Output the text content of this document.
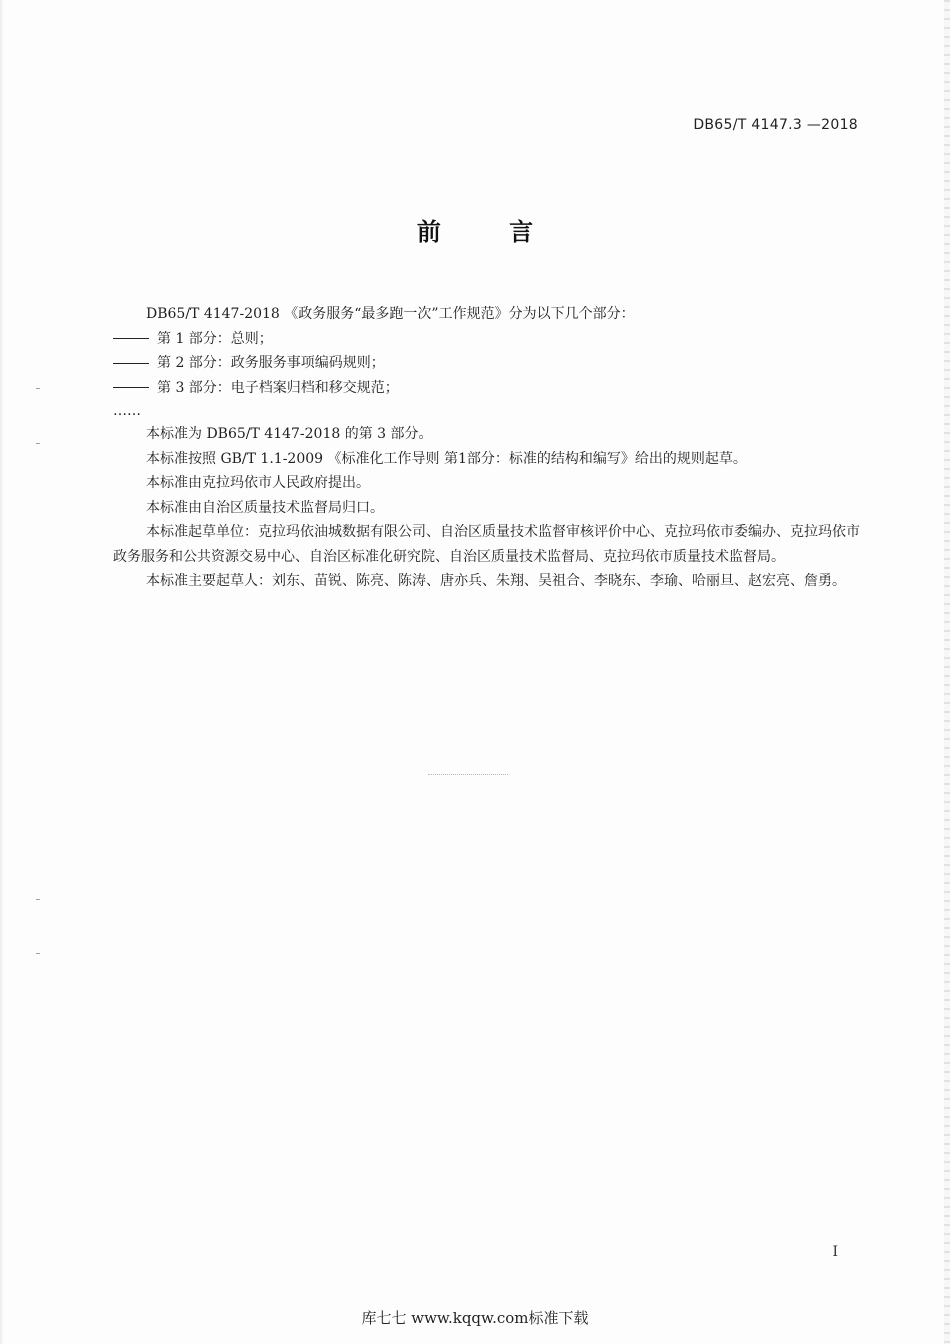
DB65/T 4147.3 —2018
前 言

DB65/T 4147-2018 《政务服务“最多跑一次”工作规范》分为以下几个部分：

第 1 部分：总则；

第 2 部分：政务服务事项编码规则；

第 3 部分：电子档案归档和移交规范；

……

本标准为 DB65/T 4147-2018 的第 3 部分。

本标准按照 GB/T 1.1-2009 《标准化工作导则 第1部分：标准的结构和编写》给出的规则起草。

本标准由克拉玛依市人民政府提出。

本标准由自治区质量技术监督局归口。

本标准起草单位：克拉玛依油城数据有限公司、自治区质量技术监督审核评价中心、克拉玛依市委编办、克拉玛依市政务服务和公共资源交易中心、自治区标准化研究院、自治区质量技术监督局、克拉玛依市质量技术监督局。

本标准主要起草人：刘东、苗锐、陈亮、陈涛、唐亦兵、朱翔、吴祖合、李晓东、李瑜、哈丽旦、赵宏亮、詹勇。

I
库七七 www.kqqw.com标准下载
